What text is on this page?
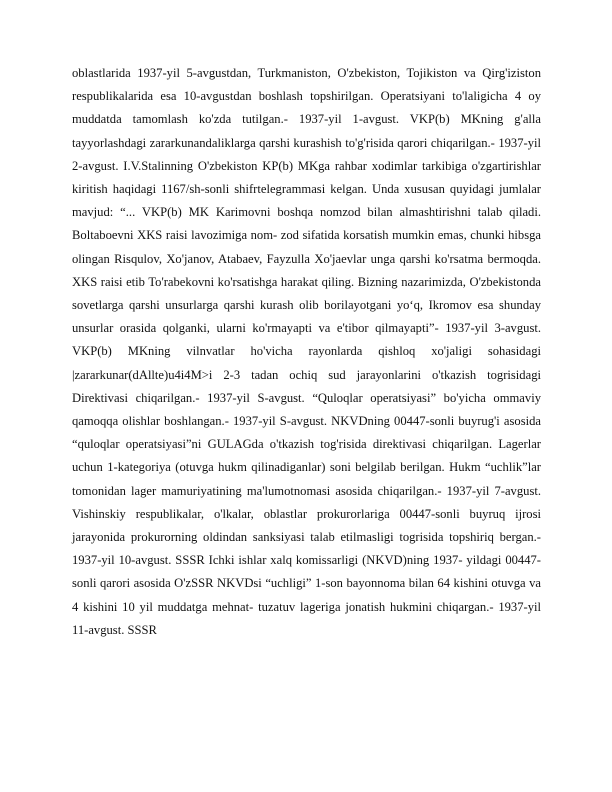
oblastlarida 1937-yil 5-avgustdan, Turkmaniston, O'zbekiston, Tojikiston va Qirg'iziston respublikalarida esa 10-avgustdan boshlash topshirilgan. Operatsiyani to'laligicha 4 oy muddatda tamomlash ko'zda tutilgan.- 1937-yil 1-avgust. VKP(b) MKning g'alla tayyorlashdagi zararkunandaliklarga qarshi kurashish to'g'risida qarori chiqarilgan.- 1937-yil 2-avgust. I.V.Stalinning O'zbekiston KP(b) MKga rahbar xodimlar tarkibiga o'zgartirishlar kiritish haqidagi 1167/sh-sonli shifrtelegrammasi kelgan. Unda xususan quyidagi jumlalar mavjud: “... VKP(b) MK Karimovni boshqa nomzod bilan almashtirishni talab qiladi. Boltaboevni XKS raisi lavozimiga nom- zod sifatida korsatish mumkin emas, chunki hibsga olingan Risqulov, Xo'janov, Atabaev, Fayzulla Xo'jaevlar unga qarshi ko'rsatma bermoqda. XKS raisi etib To'rabekovni ko'rsatishga harakat qiling. Bizning nazarimizda, O'zbekistonda sovetlarga qarshi unsurlarga qarshi kurash olib borilayotgani yo‘q, Ikromov esa shunday unsurlar orasida qolganki, ularni ko'rmayapti va e'tibor qilmayapti”- 1937-yil 3-avgust. VKP(b) MKning vilnvatlar ho'vicha rayonlarda qishloq xo'jaligi sohasidagi |zararkunar(dAllte)u4i4M>i 2-3 tadan ochiq sud jarayonlarini o'tkazish togrisidagi Direktivasi chiqarilgan.- 1937-yil S-avgust. “Quloqlar operatsiyasi” bo'yicha ommaviy qamoqqa olishlar boshlangan.- 1937-yil S-avgust. NKVDning 00447-sonli buyrug'i asosida “quloqlar operatsiyasi”ni GULAGda o'tkazish tog'risida direktivasi chiqarilgan. Lagerlar uchun 1-kategoriya (otuvga hukm qilinadiganlar) soni belgilab berilgan. Hukm “uchlik”lar tomonidan lager mamuriyatining ma'lumotnomasi asosida chiqarilgan.- 1937-yil 7-avgust. Vishinskiy respublikalar, o'lkalar, oblastlar prokurorlariga 00447-sonli buyruq ijrosi jarayonida prokurorning oldindan sanksiyasi talab etilmasligi togrisida topshiriq bergan.- 1937-yil 10-avgust. SSSR Ichki ishlar xalq komissarligi (NKVD)ning 1937- yildagi 00447-sonli qarori asosida O'zSSR NKVDsi “uchligi” 1-son bayonnoma bilan 64 kishini otuvga va 4 kishini 10 yil muddatga mehnat- tuzatuv lageriga jonatish hukmini chiqargan.- 1937-yil 11-avgust. SSSR
